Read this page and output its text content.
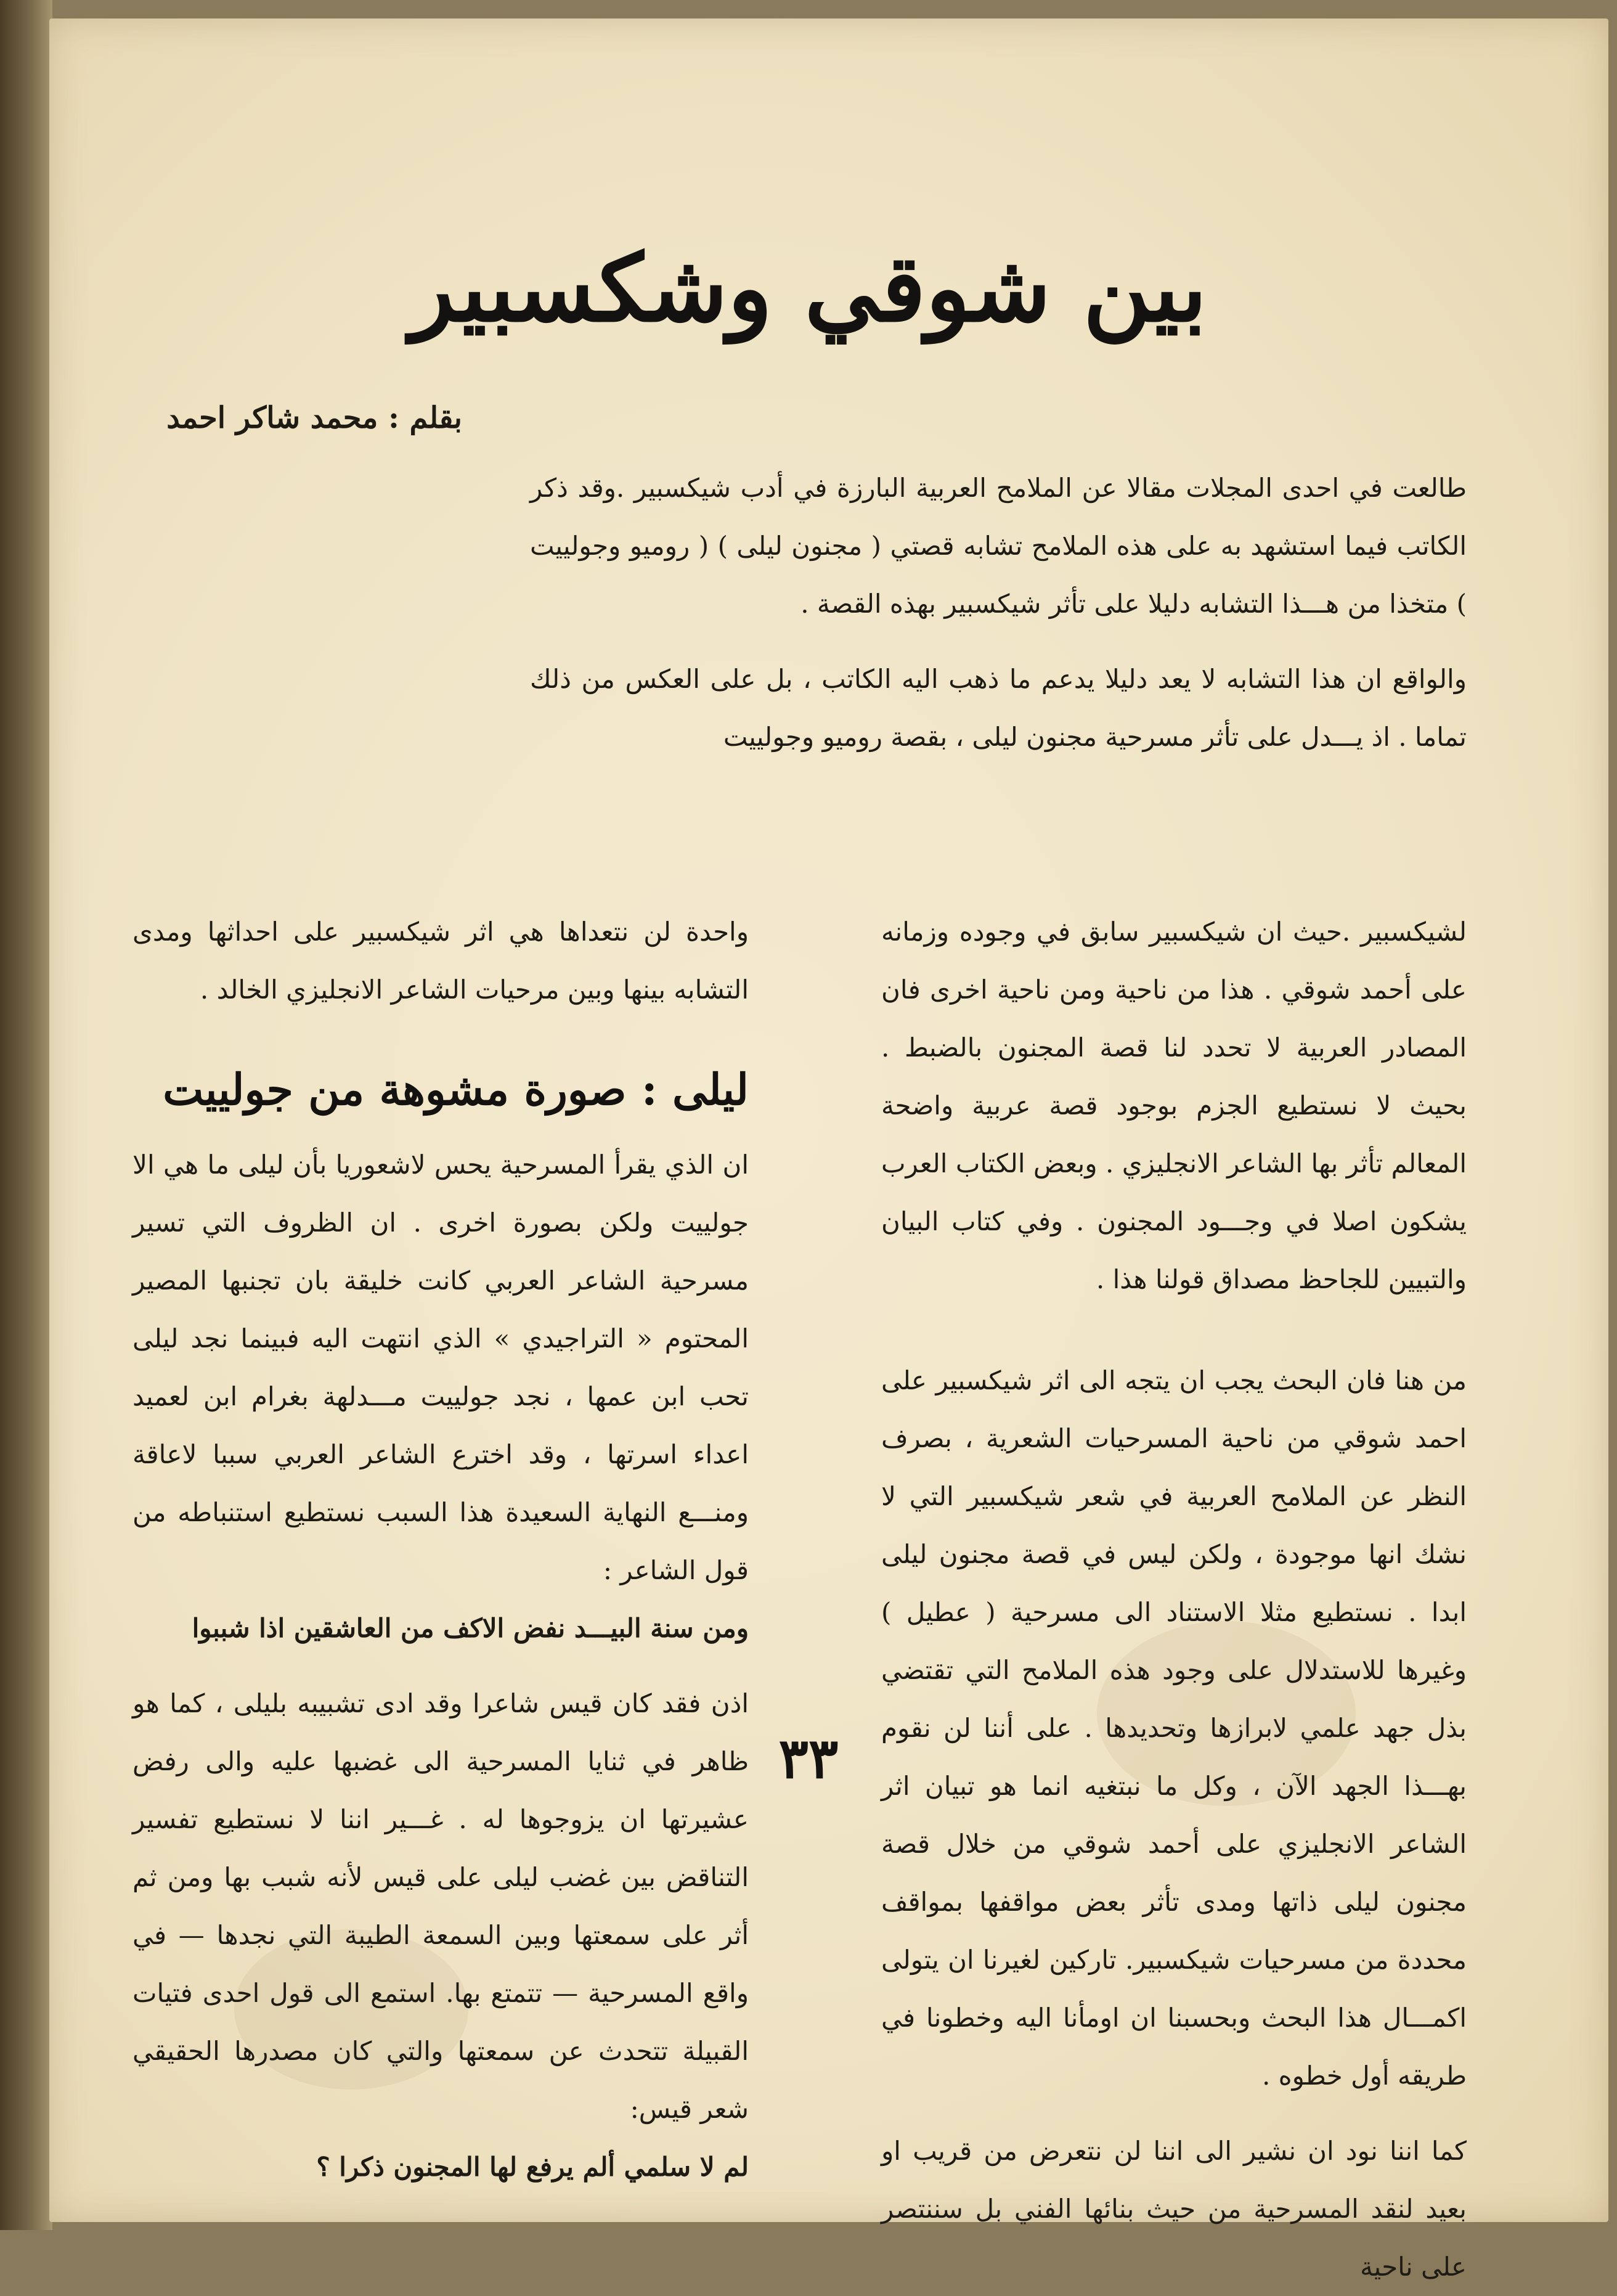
بين شوقي وشكسبير
بقلم : محمد شاكر احمد

طالعت في احدى المجلات مقالا عن الملامح العربية البارزة في أدب شيكسبير .وقد ذكر الكاتب فيما استشهد به على هذه الملامح تشابه قصتي ( مجنون ليلى ) ( روميو وجولييت ) متخذا من هـــذا التشابه دليلا على تأثر شيكسبير بهذه القصة .

والواقع ان هذا التشابه لا يعد دليلا يدعم ما ذهب اليه الكاتب ، بل على العكس من ذلك تماما . اذ يـــدل على تأثر مسرحية مجنون ليلى ، بقصة روميو وجولييت

لشيكسبير .حيث ان شيكسبير سابق في وجوده وزمانه على أحمد شوقي . هذا من ناحية ومن ناحية اخرى فان المصادر العربية لا تحدد لنا قصة المجنون بالضبط . بحيث لا نستطيع الجزم بوجود قصة عربية واضحة المعالم تأثر بها الشاعر الانجليزي . وبعض الكتاب العرب يشكون اصلا في وجـــود المجنون . وفي كتاب البيان والتبيين للجاحظ مصداق قولنا هذا .

من هنا فان البحث يجب ان يتجه الى اثر شيكسبير على احمد شوقي من ناحية المسرحيات الشعرية ، بصرف النظر عن الملامح العربية في شعر شيكسبير التي لا نشك انها موجودة ، ولكن ليس في قصة مجنون ليلى ابدا . نستطيع مثلا الاستناد الى مسرحية ( عطيل ) وغيرها للاستدلال على وجود هذه الملامح التي تقتضي بذل جهد علمي لابرازها وتحديدها . على أننا لن نقوم بهـــذا الجهد الآن ، وكل ما نبتغيه انما هو تبيان اثر الشاعر الانجليزي على أحمد شوقي من خلال قصة مجنون ليلى ذاتها ومدى تأثر بعض مواقفها بمواقف محددة من مسرحيات شيكسبير. تاركين لغيرنا ان يتولى اكمـــال هذا البحث وبحسبنا ان اومأنا اليه وخطونا في طريقه أول خطوه .

كما اننا نود ان نشير الى اننا لن نتعرض من قريب او بعيد لنقد المسرحية من حيث بنائها الفني بل سننتصر على ناحية

واحدة لن نتعداها هي اثر شيكسبير على احداثها ومدى التشابه بينها وبين مرحيات الشاعر الانجليزي الخالد .

ليلى : صورة مشوهة من جولييت

ان الذي يقرأ المسرحية يحس لاشعوريا بأن ليلى ما هي الا جولييت ولكن بصورة اخرى . ان الظروف التي تسير مسرحية الشاعر العربي كانت خليقة بان تجنبها المصير المحتوم « التراجيدي » الذي انتهت اليه فبينما نجد ليلى تحب ابن عمها ، نجد جولييت مـــدلهة بغرام ابن لعميد اعداء اسرتها ، وقد اخترع الشاعر العربي سببا لاعاقة ومنـــع النهاية السعيدة هذا السبب نستطيع استنباطه من قول الشاعر :

ومن سنة البيـــد نفض الاكف من العاشقين اذا شببوا

اذن فقد كان قيس شاعرا وقد ادى تشبيبه بليلى ، كما هو ظاهر في ثنايا المسرحية الى غضبها عليه والى رفض عشيرتها ان يزوجوها له . غـــير اننا لا نستطيع تفسير التناقض بين غضب ليلى على قيس لأنه شبب بها ومن ثم أثر على سمعتها وبين السمعة الطيبة التي نجدها — في واقع المسرحية — تتمتع بها. استمع الى قول احدى فتيات القبيلة تتحدث عن سمعتها والتي كان مصدرها الحقيقي شعر قيس:

لم لا سلمي ألم يرفع لها المجنون ذكرا ؟

٣٣
